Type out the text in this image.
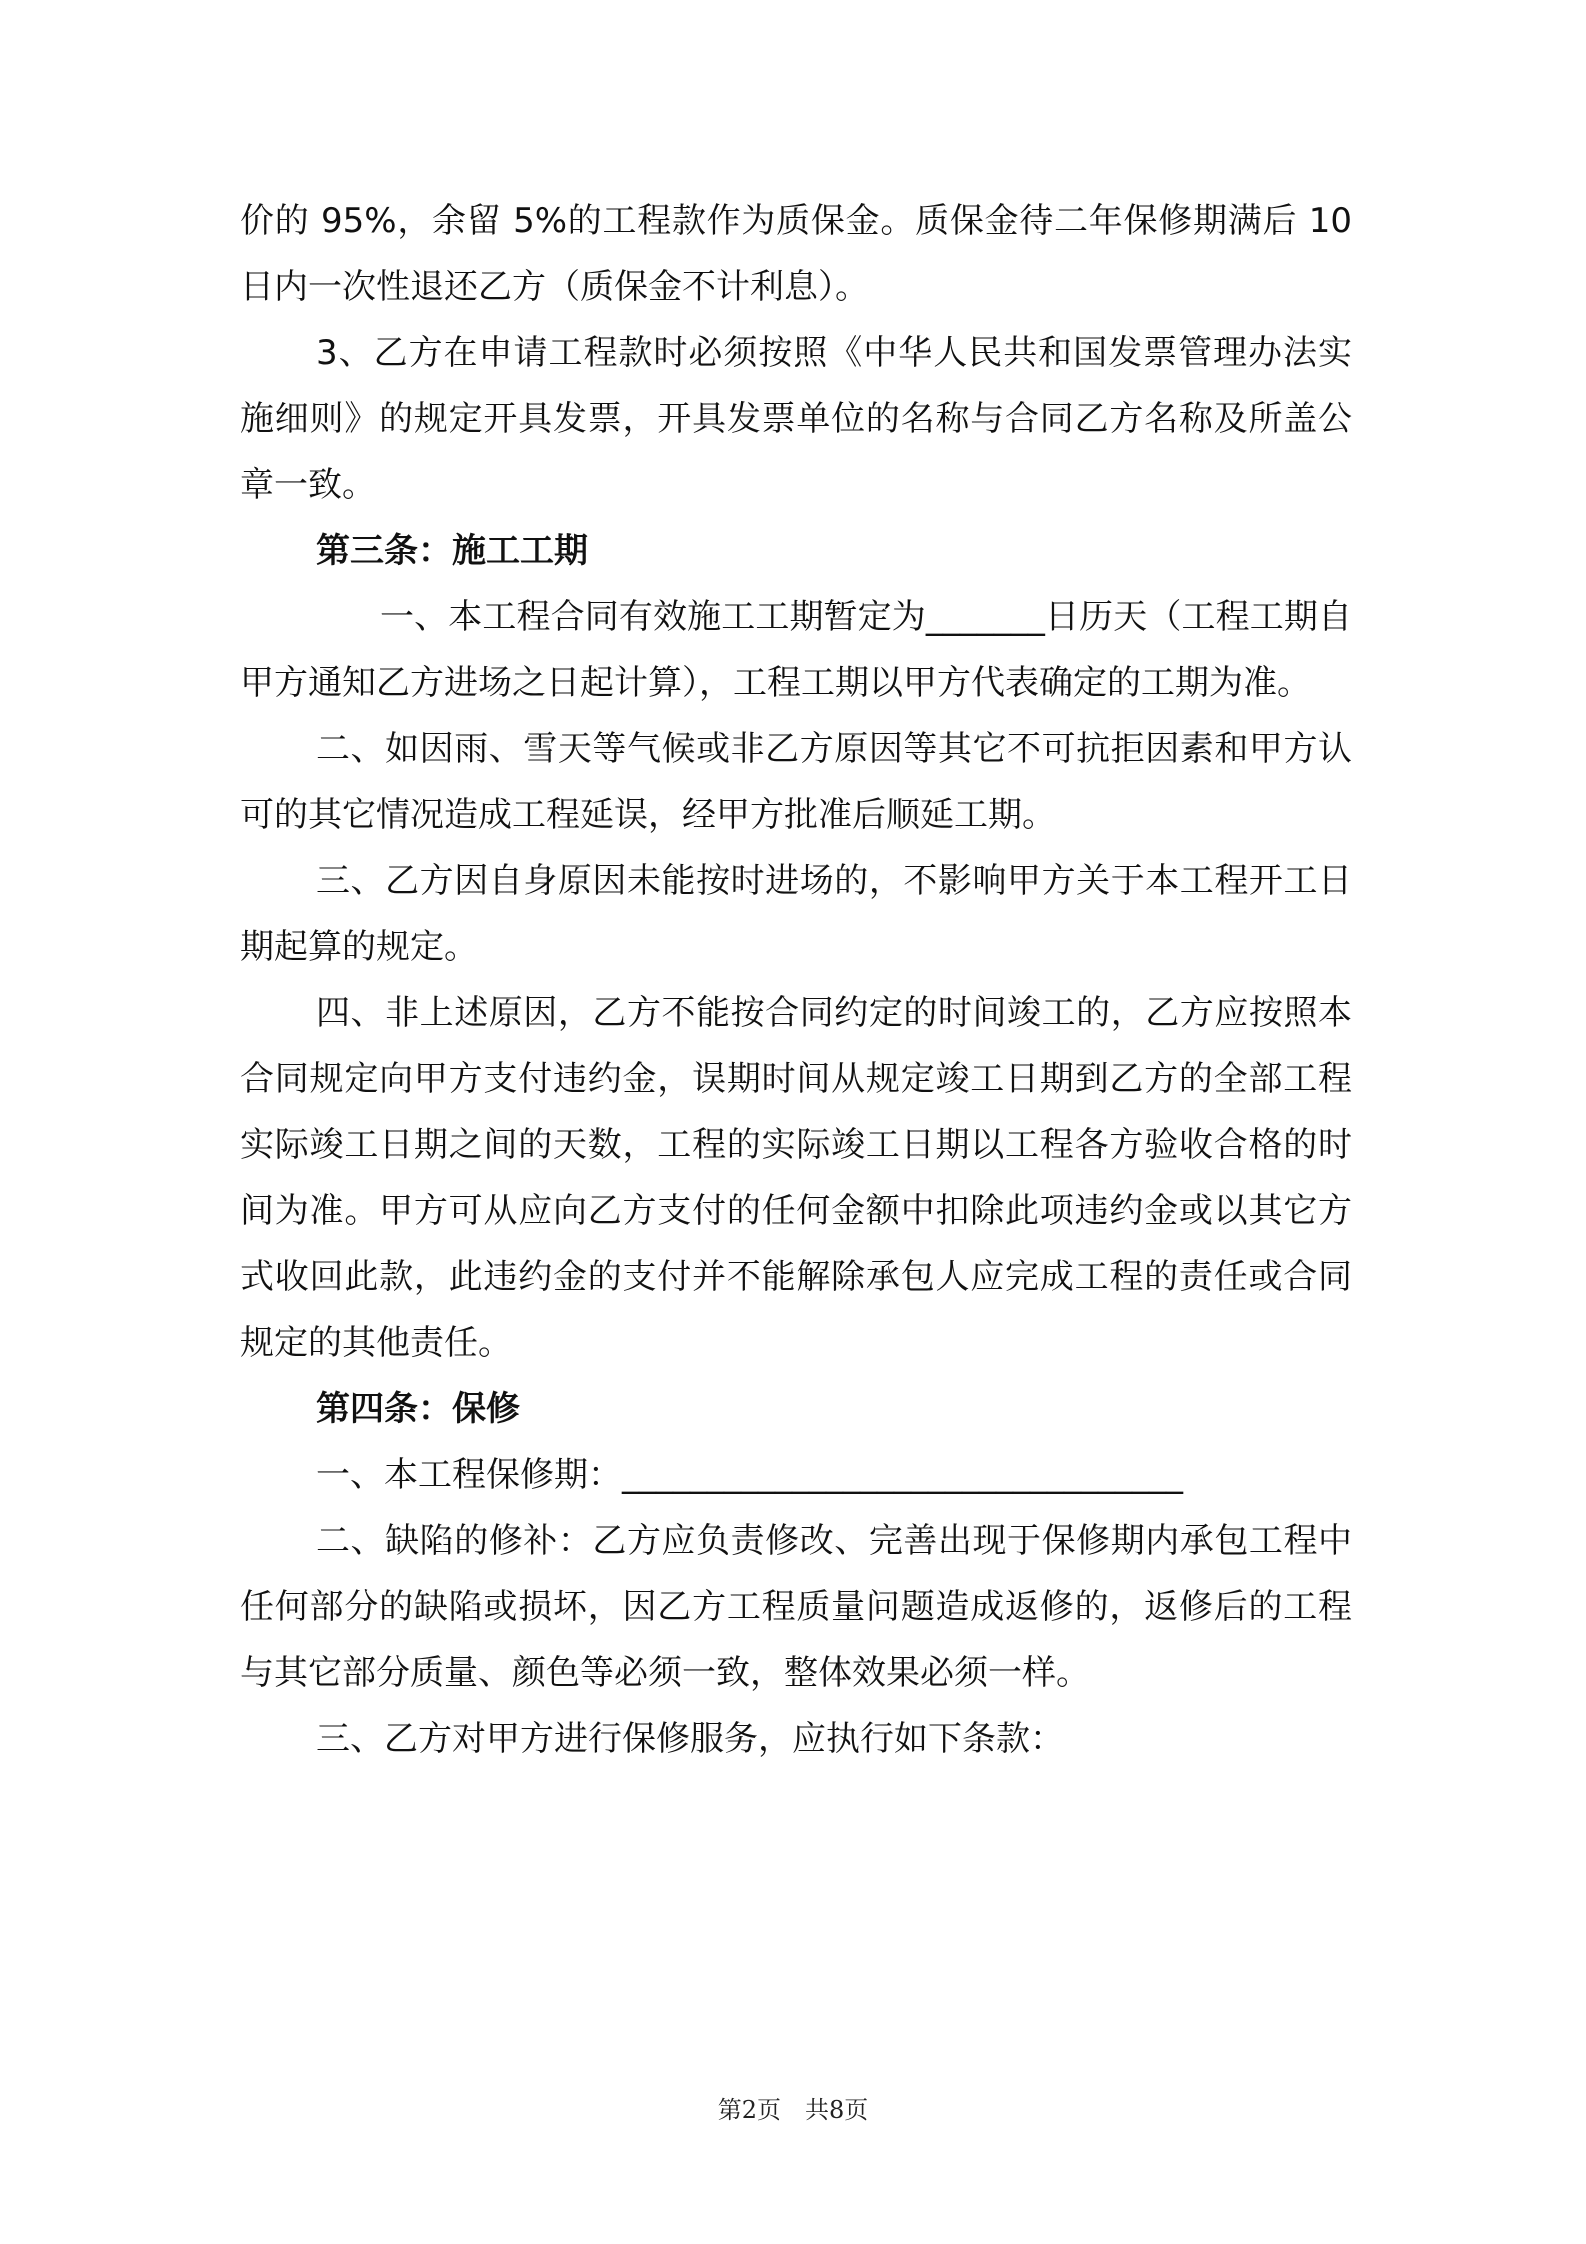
价的 95%，余留 5%的工程款作为质保金。质保金待二年保修期满后 10 日内一次性退还乙方（质保金不计利息）。

3、乙方在申请工程款时必须按照《中华人民共和国发票管理办法实施细则》的规定开具发票，开具发票单位的名称与合同乙方名称及所盖公章一致。

第三条：施工工期

一、本工程合同有效施工工期暂定为_______日历天（工程工期自甲方通知乙方进场之日起计算），工程工期以甲方代表确定的工期为准。

二、如因雨、雪天等气候或非乙方原因等其它不可抗拒因素和甲方认可的其它情况造成工程延误，经甲方批准后顺延工期。

三、乙方因自身原因未能按时进场的，不影响甲方关于本工程开工日期起算的规定。

四、非上述原因，乙方不能按合同约定的时间竣工的，乙方应按照本合同规定向甲方支付违约金，误期时间从规定竣工日期到乙方的全部工程实际竣工日期之间的天数，工程的实际竣工日期以工程各方验收合格的时间为准。甲方可从应向乙方支付的任何金额中扣除此项违约金或以其它方式收回此款，此违约金的支付并不能解除承包人应完成工程的责任或合同规定的其他责任。

第四条：保修

一、本工程保修期：_________________________________

二、缺陷的修补：乙方应负责修改、完善出现于保修期内承包工程中任何部分的缺陷或损坏，因乙方工程质量问题造成返修的，返修后的工程与其它部分质量、颜色等必须一致，整体效果必须一样。

三、乙方对甲方进行保修服务，应执行如下条款：

第2页　共8页
